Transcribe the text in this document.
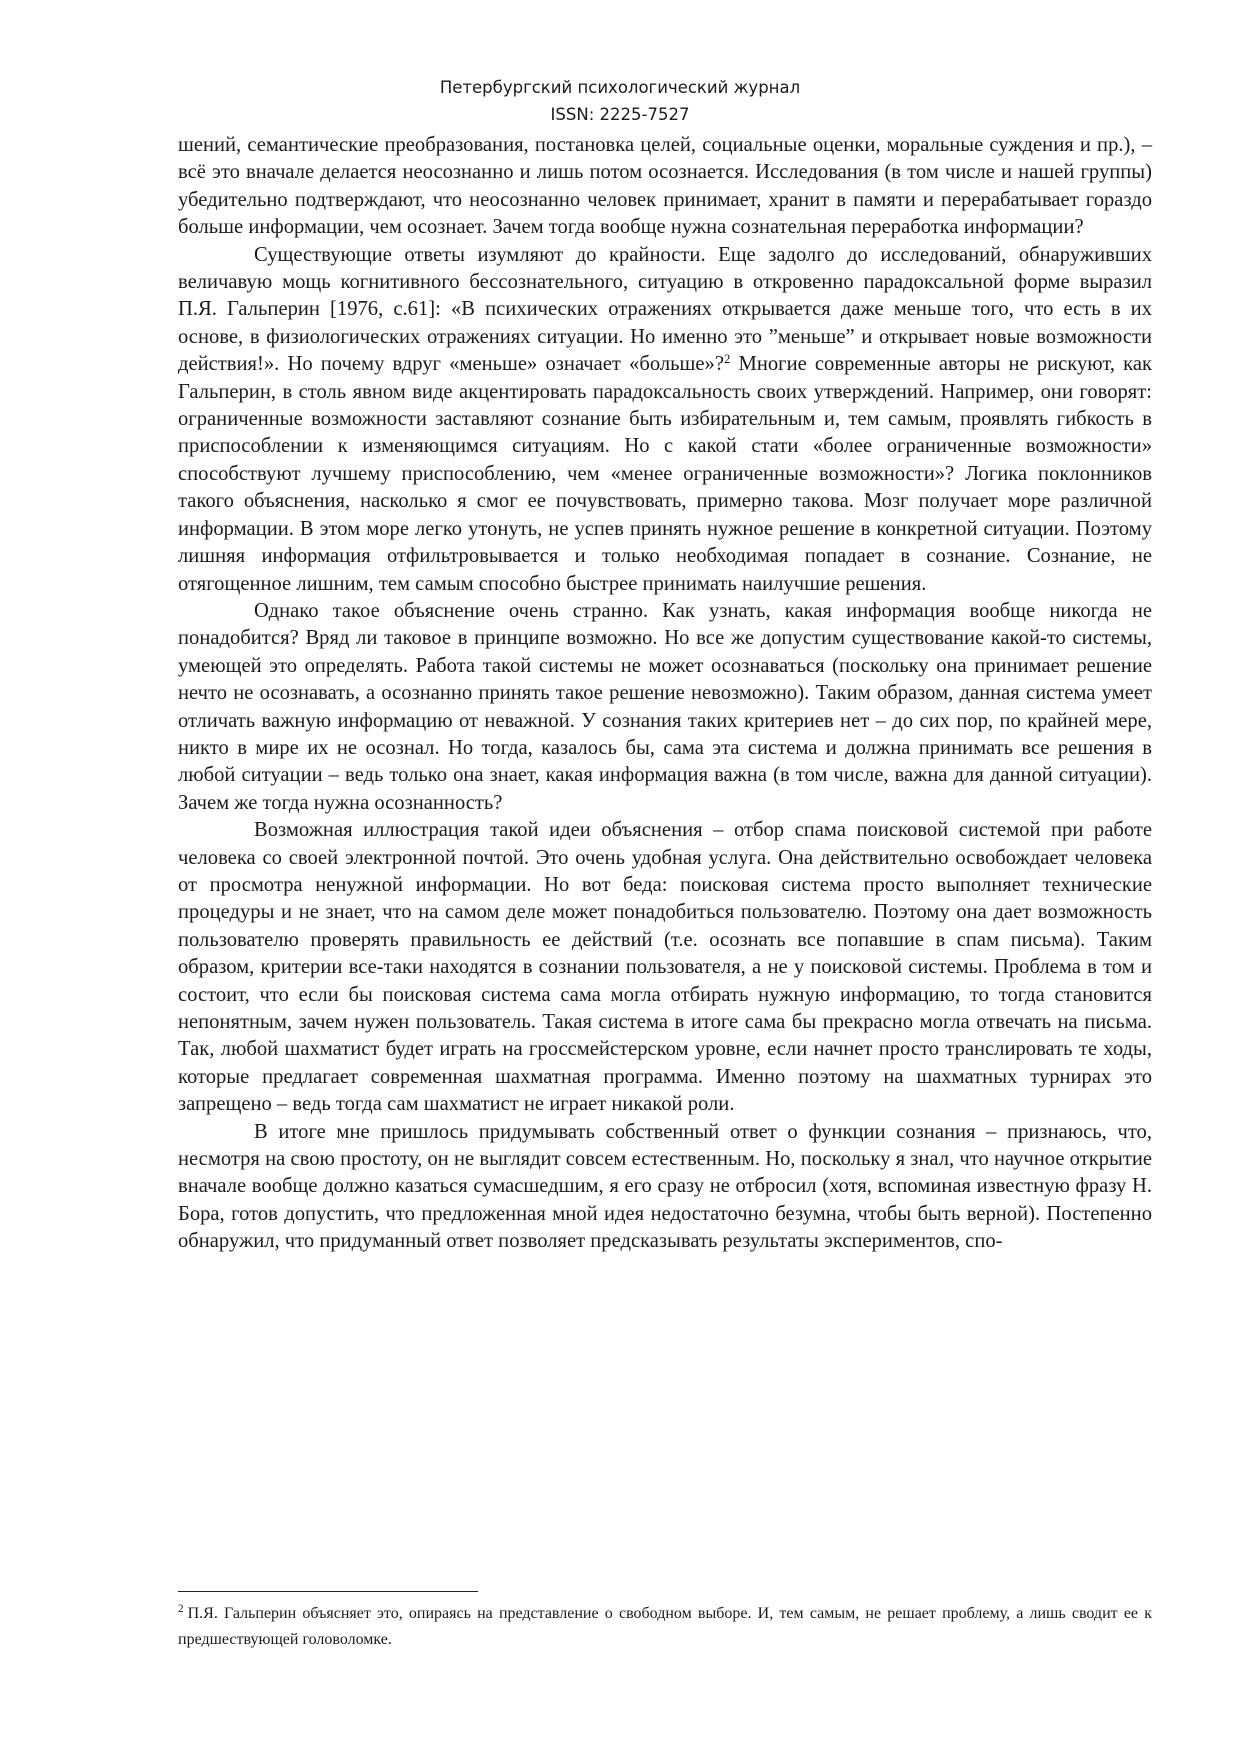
Петербургский психологический журнал
ISSN: 2225-7527

шений, семантические преобразования, постановка целей, социальные оценки, моральные суждения и пр.), – всё это вначале делается неосознанно и лишь потом осознается. Исследования (в том числе и нашей группы) убедительно подтверждают, что неосознанно человек принимает, хранит в памяти и перерабатывает гораздо больше информации, чем осознает. Зачем тогда вообще нужна сознательная переработка информации?

Существующие ответы изумляют до крайности. Еще задолго до исследований, обнаруживших величавую мощь когнитивного бессознательного, ситуацию в откровенно парадоксальной форме выразил П.Я. Гальперин [1976, с.61]: «В психических отражениях открывается даже меньше того, что есть в их основе, в физиологических отражениях ситуации. Но именно это ”меньше” и открывает новые возможности действия!». Но почему вдруг «меньше» означает «больше»?$^2$ Многие современные авторы не рискуют, как Гальперин, в столь явном виде акцентировать парадоксальность своих утверждений. Например, они говорят: ограниченные возможности заставляют сознание быть избирательным и, тем самым, проявлять гибкость в приспособлении к изменяющимся ситуациям. Но с какой стати «более ограниченные возможности» способствуют лучшему приспособлению, чем «менее ограниченные возможности»? Логика поклонников такого объяснения, насколько я смог ее почувствовать, примерно такова. Мозг получает море различной информации. В этом море легко утонуть, не успев принять нужное решение в конкретной ситуации. Поэтому лишняя информация отфильтровывается и только необходимая попадает в сознание. Сознание, не отягощенное лишним, тем самым способно быстрее принимать наилучшие решения.

Однако такое объяснение очень странно. Как узнать, какая информация вообще никогда не понадобится? Вряд ли таковое в принципе возможно. Но все же допустим существование какой-то системы, умеющей это определять. Работа такой системы не может осознаваться (поскольку она принимает решение нечто не осознавать, а осознанно принять такое решение невозможно). Таким образом, данная система умеет отличать важную информацию от неважной. У сознания таких критериев нет – до сих пор, по крайней мере, никто в мире их не осознал. Но тогда, казалось бы, сама эта система и должна принимать все решения в любой ситуации – ведь только она знает, какая информация важна (в том числе, важна для данной ситуации). Зачем же тогда нужна осознанность?

Возможная иллюстрация такой идеи объяснения – отбор спама поисковой системой при работе человека со своей электронной почтой. Это очень удобная услуга. Она действительно освобождает человека от просмотра ненужной информации. Но вот беда: поисковая система просто выполняет технические процедуры и не знает, что на самом деле может понадобиться пользователю. Поэтому она дает возможность пользователю проверять правильность ее действий (т.е. осознать все попавшие в спам письма). Таким образом, критерии все-таки находятся в сознании пользователя, а не у поисковой системы. Проблема в том и состоит, что если бы поисковая система сама могла отбирать нужную информацию, то тогда становится непонятным, зачем нужен пользователь. Такая система в итоге сама бы прекрасно могла отвечать на письма. Так, любой шахматист будет играть на гроссмейстерском уровне, если начнет просто транслировать те ходы, которые предлагает современная шахматная программа. Именно поэтому на шахматных турнирах это запрещено – ведь тогда сам шахматист не играет никакой роли.

В итоге мне пришлось придумывать собственный ответ о функции сознания – признаюсь, что, несмотря на свою простоту, он не выглядит совсем естественным. Но, поскольку я знал, что научное открытие вначале вообще должно казаться сумасшедшим, я его сразу не отбросил (хотя, вспоминая известную фразу Н. Бора, готов допустить, что предложенная мной идея недостаточно безумна, чтобы быть верной). Постепенно обнаружил, что придуманный ответ позволяет предсказывать результаты экспериментов, спо-

$^2$ П.Я. Гальперин объясняет это, опираясь на представление о свободном выборе. И, тем самым, не решает проблему, а лишь сводит ее к предшествующей головоломке.
